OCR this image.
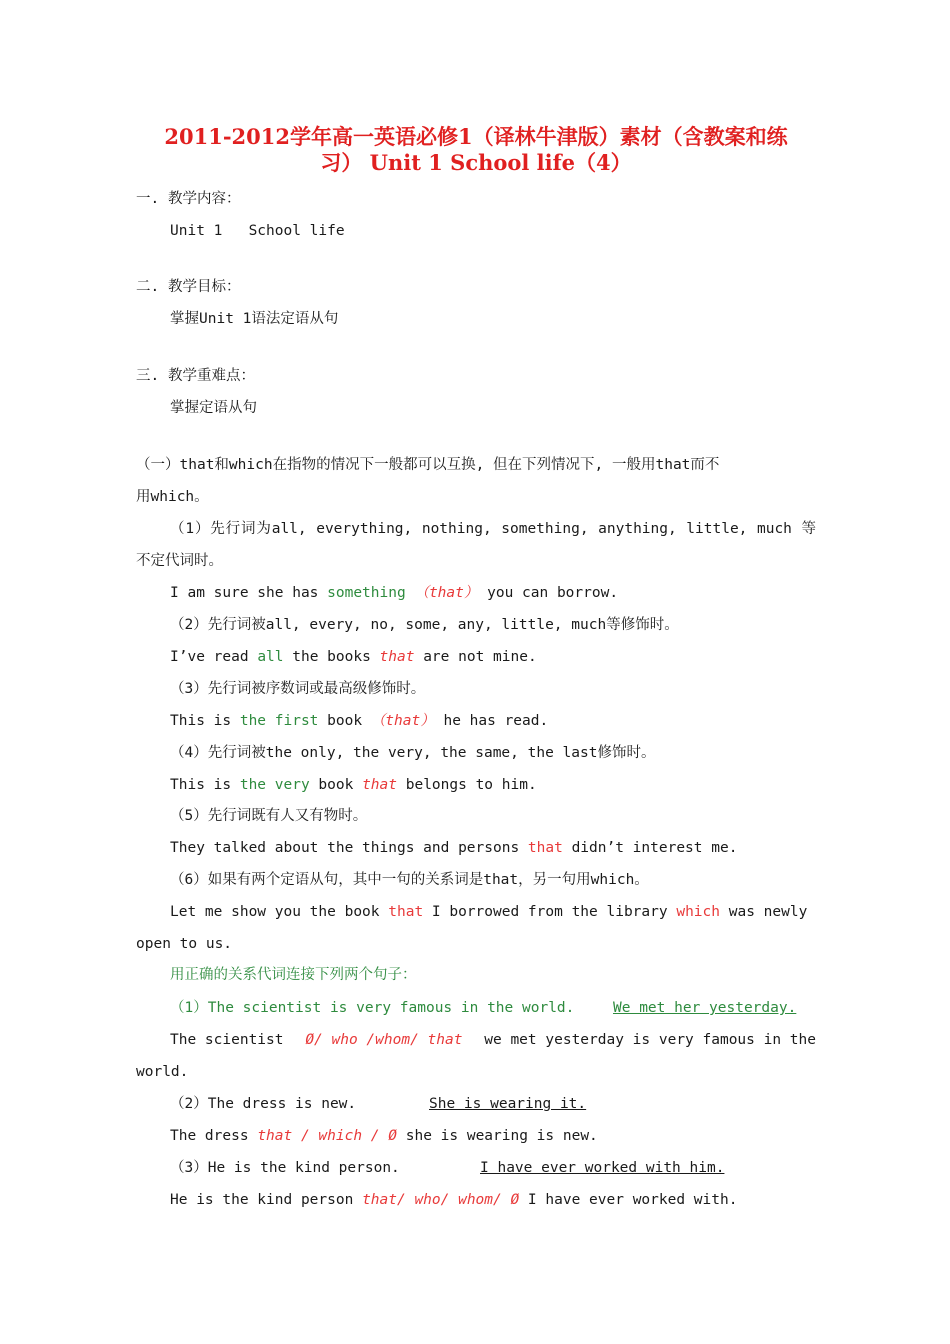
2011-2012学年高一英语必修1（译林牛津版）素材（含教案和练
习） Unit 1 School life（4）
一. 教学内容：
Unit 1   School life
二. 教学目标：
掌握Unit 1语法定语从句
三. 教学重难点：
掌握定语从句
（一）that和which在指物的情况下一般都可以互换, 但在下列情况下, 一般用that而不
用which。
（1）先行词为all, everything, nothing, something, anything, little, much 等
不定代词时。
I am sure she has something （that） you can borrow.
（2）先行词被all, every, no, some, any, little, much等修饰时。
I’ve read all the books that are not mine.
（3）先行词被序数词或最高级修饰时。
This is the first book （that） he has read.
（4）先行词被the only, the very, the same, the last修饰时。
This is the very book that belongs to him.
（5）先行词既有人又有物时。
They talked about the things and persons that didn’t interest me.
（6）如果有两个定语从句，其中一句的关系词是that，另一句用which。
Let me show you the book that I borrowed from the library which was newly
open to us.
用正确的关系代词连接下列两个句子：
（1）The scientist is very famous in the world.	We met her yesterday.
The scientist Ø/ who /whom/ that we met yesterday is very famous in the
world.
（2）The dress is new.	She is wearing it.
The dress that / which / Ø she is wearing is new.
（3）He is the kind person.	I have ever worked with him.
He is the kind person that/ who/ whom/ Ø I have ever worked with.
